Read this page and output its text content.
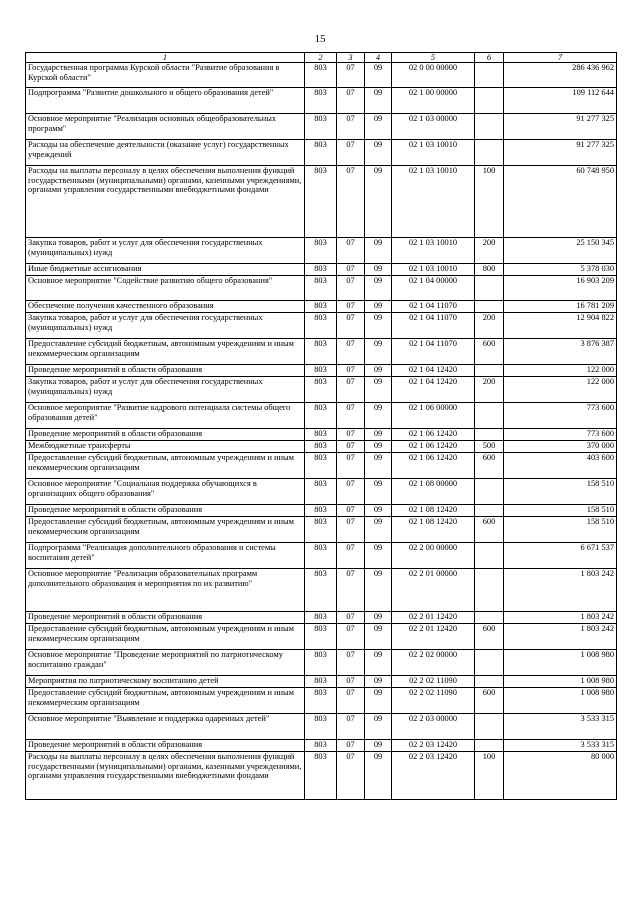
15
1	2	3	4	5	6	7
Государственная программа Курской области "Развитие образования в Курской области"	803	07	09	02 0 00 00000		286 436 962
Подпрограмма "Развитие дошкольного и общего образования детей"	803	07	09	02 1 00 00000		109 112 644
Основное мероприятие "Реализация основных общеобразовательных программ"	803	07	09	02 1 03 00000		91 277 325
Расходы на обеспечение деятельности (оказание услуг) государственных учреждений	803	07	09	02 1 03 10010		91 277 325
Расходы на выплаты персоналу в целях обеспечения выполнения функций государственными (муниципальными) органами, казенными учреждениями, органами управления государственными внебюджетными фондами	803	07	09	02 1 03 10010	100	60 748 950
Закупка товаров, работ и услуг для обеспечения государственных (муниципальных) нужд	803	07	09	02 1 03 10010	200	25 150 345
Иные бюджетные ассигнования	803	07	09	02 1 03 10010	800	5 378 030
Основное мероприятие "Содействие развитию общего образования"	803	07	09	02 1 04 00000		16 903 209
Обеспечение получения качественного образования	803	07	09	02 1 04 11070		16 781 209
Закупка товаров, работ и услуг для обеспечения государственных (муниципальных) нужд	803	07	09	02 1 04 11070	200	12 904 822
Предоставление субсидий бюджетным, автономным учреждениям и иным некоммерческим организациям	803	07	09	02 1 04 11070	600	3 876 387
Проведение мероприятий в области образования	803	07	09	02 1 04 12420		122 000
Закупка товаров, работ и услуг для обеспечения государственных (муниципальных) нужд	803	07	09	02 1 04 12420	200	122 000
Основное мероприятие "Развитие кадрового потенциала системы общего образования детей"	803	07	09	02 1 06 00000		773 600
Проведение мероприятий в области образования	803	07	09	02 1 06 12420		773 600
Межбюджетные трансферты	803	07	09	02 1 06 12420	500	370 000
Предоставление субсидий бюджетным, автономным учреждениям и иным некоммерческим организациям	803	07	09	02 1 06 12420	600	403 600
Основное мероприятие "Социальная поддержка обучающихся в организациях общего образования"	803	07	09	02 1 08 00000		158 510
Проведение мероприятий в области образования	803	07	09	02 1 08 12420		158 510
Предоставление субсидий бюджетным, автономным учреждениям и иным некоммерческим организациям	803	07	09	02 1 08 12420	600	158 510
Подпрограмма "Реализация дополнительного образования и системы воспитания детей"	803	07	09	02 2 00 00000		6 671 537
Основное мероприятие "Реализация образовательных программ дополнительного образования и мероприятия по их развитию"	803	07	09	02 2 01 00000		1 803 242
Проведение мероприятий в области образования	803	07	09	02 2 01 12420		1 803 242
Предоставление субсидий бюджетным, автономным учреждениям и иным некоммерческим организациям	803	07	09	02 2 01 12420	600	1 803 242
Основное мероприятие "Проведение мероприятий по патриотическому воспитанию граждан"	803	07	09	02 2 02 00000		1 008 980
Мероприятия по патриотическому воспитанию детей	803	07	09	02 2 02 11090		1 008 980
Предоставление субсидий бюджетным, автономным учреждениям и иным некоммерческим организациям	803	07	09	02 2 02 11090	600	1 008 980
Основное мероприятие "Выявление и поддержка одаренных детей"	803	07	09	02 2 03 00000		3 533 315
Проведение мероприятий в области образования	803	07	09	02 2 03 12420		3 533 315
Расходы на выплаты персоналу в целях обеспечения выполнения функций государственными (муниципальными) органами, казенными учреждениями, органами управления государственными внебюджетными фондами	803	07	09	02 2 03 12420	100	80 000
